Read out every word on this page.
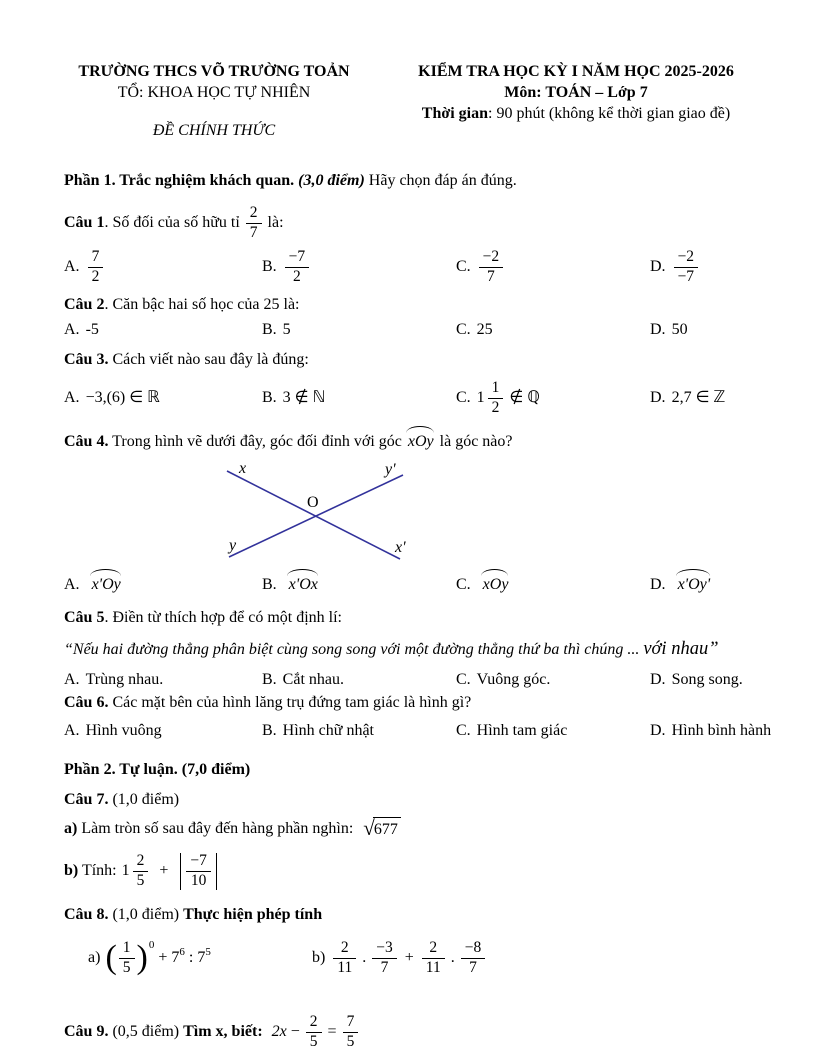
TRƯỜNG THCS VÕ TRƯỜNG TOẢN
TỔ: KHOA HỌC TỰ NHIÊN
ĐỀ CHÍNH THỨC
KIỂM TRA HỌC KỲ I NĂM HỌC 2025-2026
Môn: TOÁN – Lớp 7
Thời gian: 90 phút (không kể thời gian giao đề)

Phần 1. Trắc nghiệm khách quan. (3,0 điểm) Hãy chọn đáp án đúng.

Câu 1. Số đối của số hữu tỉ $\frac{2}{7}$ là:
A. $\frac{7}{2}$	B. $\frac{-7}{2}$	C. $\frac{-2}{7}$	D. $\frac{-2}{-7}$

Câu 2. Căn bậc hai số học của 25 là:

A. -5	B. 5	C. 25	D. 50

Câu 3. Cách viết nào sau đây là đúng:

A. −3,(6) ∈ ℝ	B. 3 ∉ ℕ	C. $1 \frac{1}{2}$ ∉ ℚ	D. 2,7 ∈ ℤ

Câu 4. Trong hình vẽ dưới đây, góc đối đỉnh với góc xOy là góc nào?

x	y'
O
y	x'
A. x'Oy	B. x'Ox	C. xOy	D. x'Oy'

Câu 5. Điền từ thích hợp để có một định lí:

“Nếu hai đường thẳng phân biệt cùng song song với một đường thẳng thứ ba thì chúng ... với nhau”

A. Trùng nhau.	B. Cắt nhau.	C. Vuông góc.	D. Song song.

Câu 6. Các mặt bên của hình lăng trụ đứng tam giác là hình gì?

A. Hình vuông	B. Hình chữ nhật	C. Hình tam giác	D. Hình bình hành

Phần 2. Tự luận. (7,0 điểm)

Câu 7. (1,0 điểm)

a) Làm tròn số sau đây đến hàng phần nghìn: √ 677
b) Tính: $1 \frac{2}{5} + \frac{-7}{10}$

Câu 8. (1,0 điểm) Thực hiện phép tính

a) ( $\frac{1}{5}$ ) 0
+ 7 6 : 7 5	$b) \frac{2}{11}$ . $\frac{-3}{7} + \frac{2}{11}$ . $\frac{-8}{7}$
Câu 9. (0,5 điểm) Tìm x, biết: $2x - \frac{2}{5} = \frac{7}{5}$
